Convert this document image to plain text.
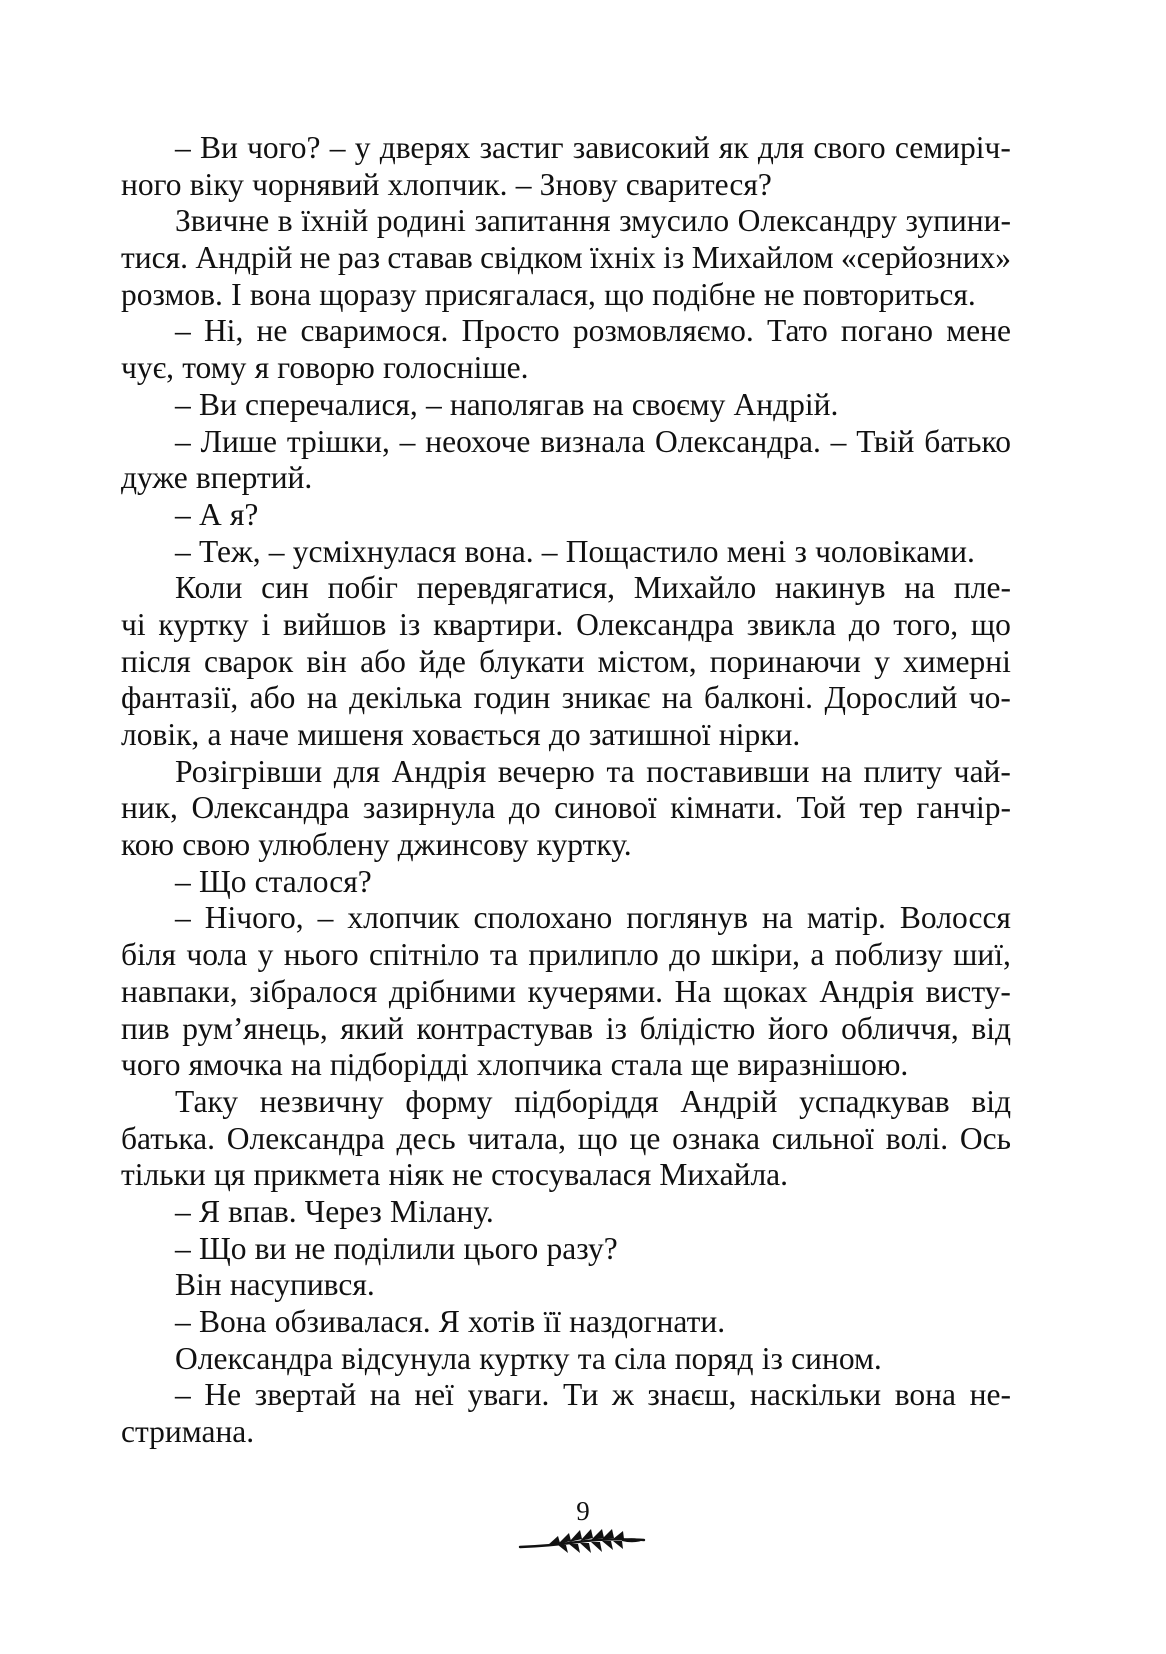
– Ви чого? – у дверях застиг зависокий як для свого семиріч-
ного віку чорнявий хлопчик. – Знову сваритеся?
Звичне в їхній родині запитання змусило Олександру зупини-
тися. Андрій не раз ставав свідком їхніх із Михайлом «серйозних»
розмов. І вона щоразу присягалася, що подібне не повториться.
– Ні, не сваримося. Просто розмовляємо. Тато погано мене
чує, тому я говорю голосніше.
– Ви сперечалися, – наполягав на своєму Андрій.
– Лише трішки, – неохоче визнала Олександра. – Твій батько
дуже впертий.
– А я?
– Теж, – усміхнулася вона. – Пощастило мені з чоловіками.
Коли син побіг перевдягатися, Михайло накинув на пле-
чі куртку і вийшов із квартири. Олександра звикла до того, що
після сварок він або йде блукати містом, поринаючи у химерні
фантазії, або на декілька годин зникає на балконі. Дорослий чо-
ловік, а наче мишеня ховається до затишної нірки.
Розігрівши для Андрія вечерю та поставивши на плиту чай-
ник, Олександра зазирнула до синової кімнати. Той тер ганчір-
кою свою улюблену джинсову куртку.
– Що сталося?
– Нічого, – хлопчик сполохано поглянув на матір. Волосся
біля чола у нього спітніло та прилипло до шкіри, а поблизу шиї,
навпаки, зібралося дрібними кучерями. На щоках Андрія висту-
пив рум’янець, який контрастував із блідістю його обличчя, від
чого ямочка на підборідді хлопчика стала ще виразнішою.
Таку незвичну форму підборіддя Андрій успадкував від
батька. Олександра десь читала, що це ознака сильної волі. Ось
тільки ця прикмета ніяк не стосувалася Михайла.
– Я впав. Через Мілану.
– Що ви не поділили цього разу?
Він насупився.
– Вона обзивалася. Я хотів її наздогнати.
Олександра відсунула куртку та сіла поряд із сином.
– Не звертай на неї уваги. Ти ж знаєш, наскільки вона не-
стримана.
9
